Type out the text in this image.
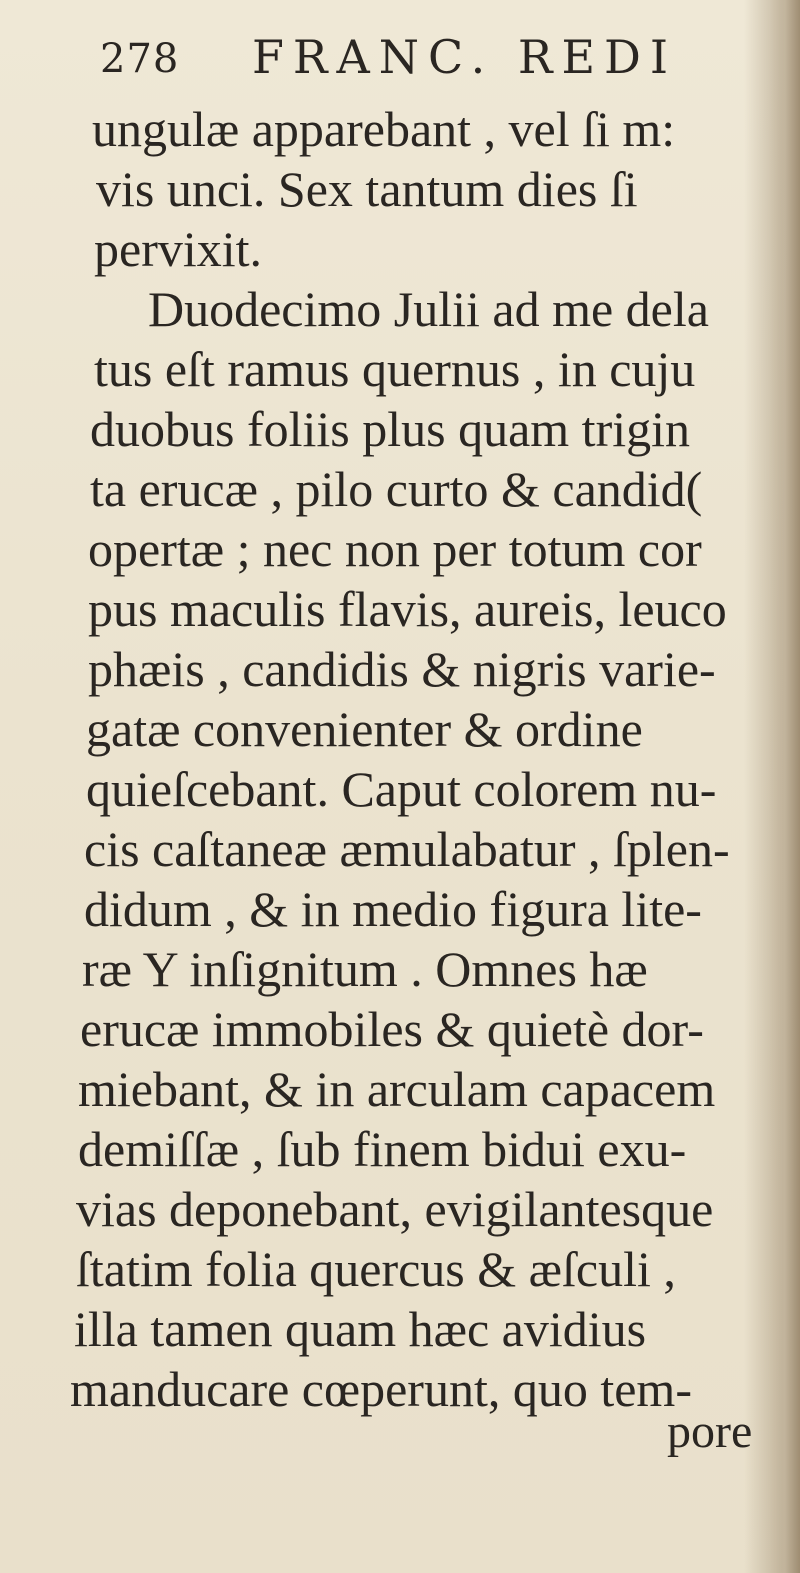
278 FRANC. REDI
ungulæ apparebant , vel ſi m:
vis unci. Sex tantum dies ſi
pervixit.
Duodecimo Julii ad me dela
tus eſt ramus quernus , in cuju
duobus foliis plus quam trigin
ta erucæ , pilo curto & candid(
opertæ ; nec non per totum cor
pus maculis flavis, aureis, leuco
phæis , candidis & nigris varie-
gatæ convenienter & ordine
quieſcebant. Caput colorem nu-
cis caſtaneæ æmulabatur , ſplen-
didum , & in medio figura lite-
ræ Y inſignitum . Omnes hæ
erucæ immobiles & quietè dor-
miebant, & in arculam capacem
demiſſæ , ſub finem bidui exu-
vias deponebant, evigilantesque
ſtatim folia quercus & æſculi ,
illa tamen quam hæc avidius
manducare cœperunt, quo tem-
pore
